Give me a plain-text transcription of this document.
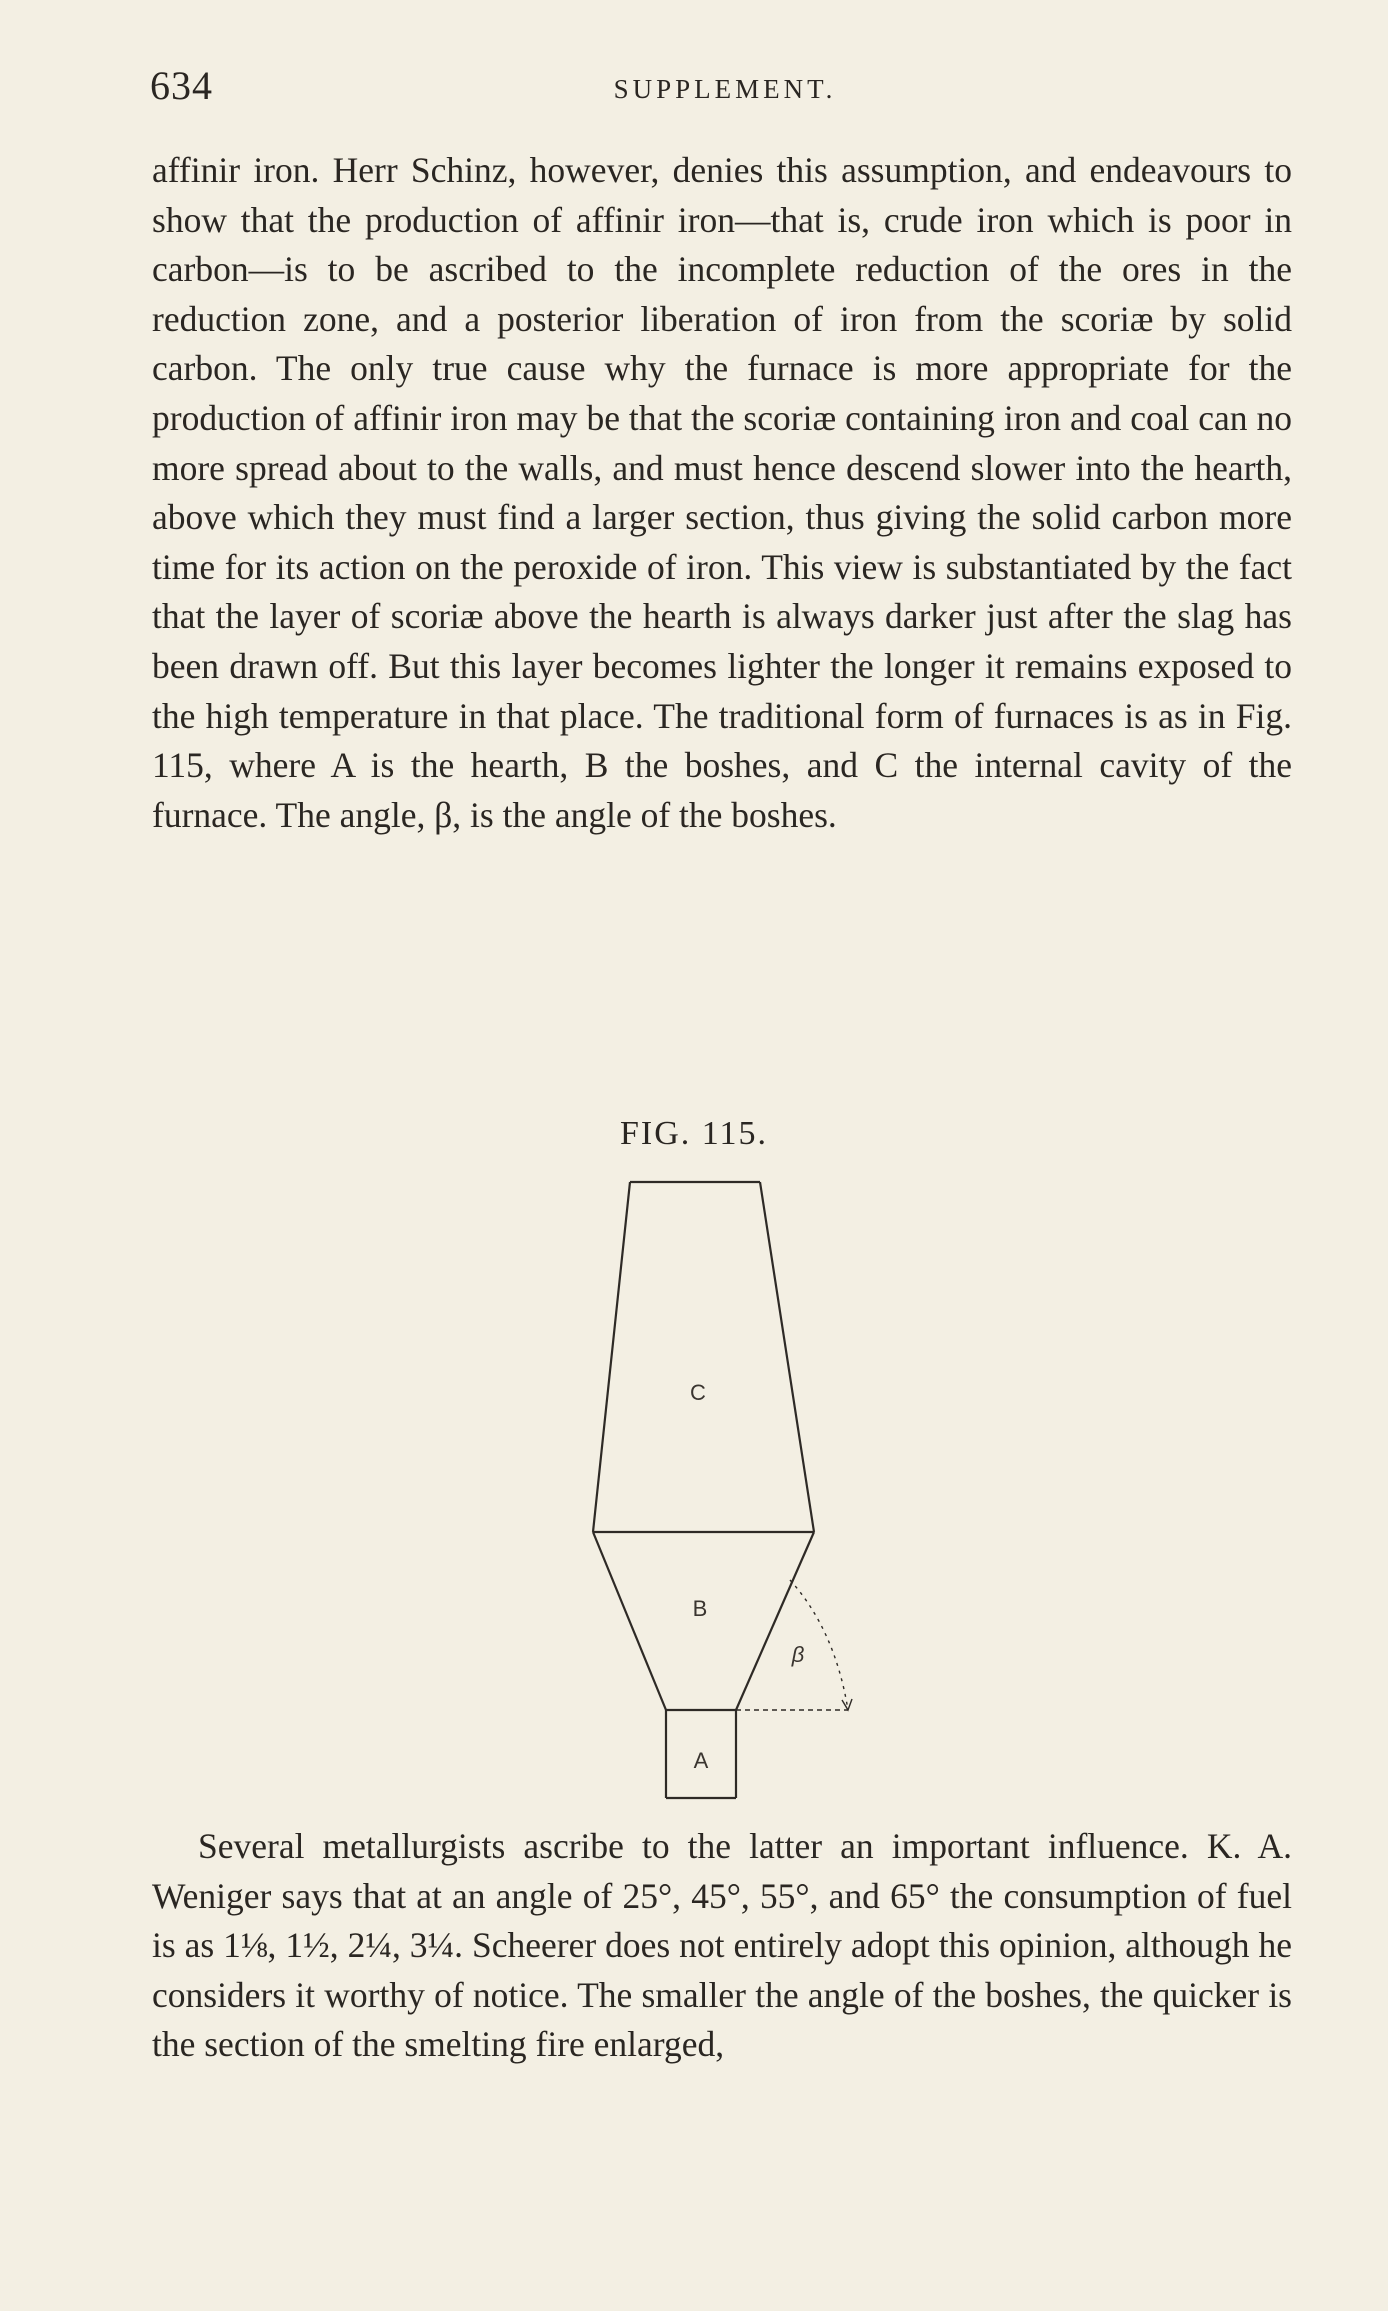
634	SUPPLEMENT.

affinir iron. Herr Schinz, however, denies this assumption, and endeavours to show that the production of affinir iron—that is, crude iron which is poor in carbon—is to be ascribed to the incomplete reduction of the ores in the reduction zone, and a posterior liberation of iron from the scoriæ by solid carbon. The only true cause why the furnace is more appropriate for the production of affinir iron may be that the scoriæ containing iron and coal can no more spread about to the walls, and must hence descend slower into the hearth, above which they must find a larger section, thus giving the solid carbon more time for its action on the peroxide of iron. This view is substantiated by the fact that the layer of scoriæ above the hearth is always darker just after the slag has been drawn off. But this layer becomes lighter the longer it remains exposed to the high temperature in that place. The traditional form of furnaces is as in Fig. 115, where A is the hearth, B the boshes, and C the internal cavity of the furnace. The angle, β, is the angle of the boshes.

FIG. 115.
C
B
A
β

Several metallurgists ascribe to the latter an important influence. K. A. Weniger says that at an angle of 25°, 45°, 55°, and 65° the consumption of fuel is as 1⅛, 1½, 2¼, 3¼. Scheerer does not entirely adopt this opinion, although he considers it worthy of notice. The smaller the angle of the boshes, the quicker is the section of the smelting fire enlarged,
